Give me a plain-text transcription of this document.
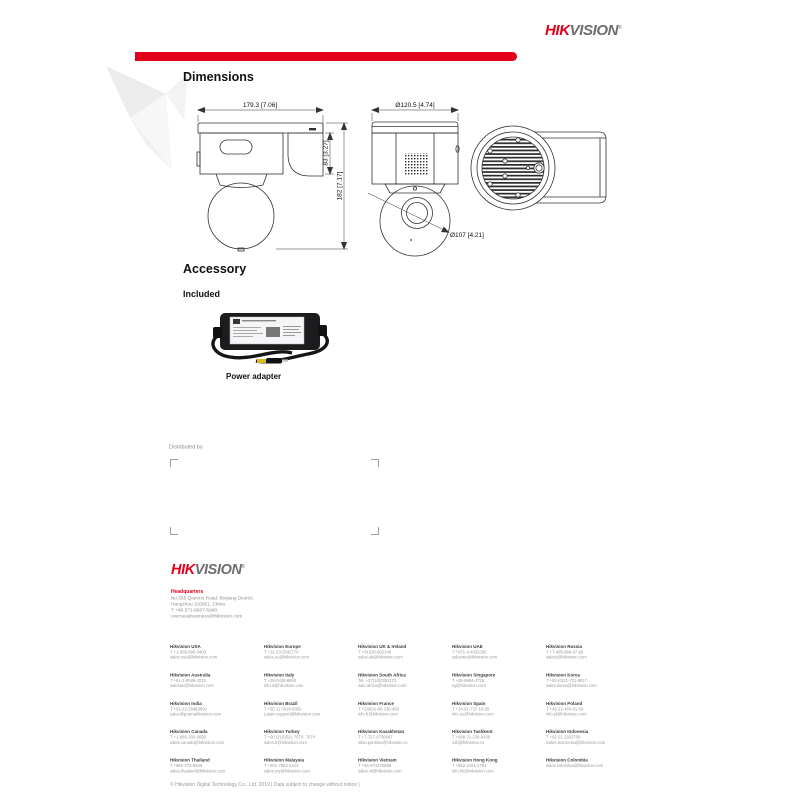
HIKVISION®
Dimensions
179.3 [7.06]
83 [3.27]
182 [7.17]
Ø120.5 [4.74]
Ø107 [4.21]
Accessory
Included
Power adapter
Distributed by
HIKVISION®
Headquarters
No.555 Qianmo Road, Binjiang District,
Hangzhou 310051, China
T +86-571-8807-5998
overseasbusiness@hikvision.com
Hikvision USA
T +1-909-895-0400
sales.usa@hikvision.com
Hikvision Australia
T +61-2-8599-4233
salesau@hikvision.com
Hikvision India
T +91-22-28469900
sales@pramahikvision.com
Hikvision Canada
T +1-866-200-6690
sales.canada@hikvision.com
Hikvision Thailand
T +662-275-9949
sales.thailand@hikvision.com
Hikvision Europe
T +31-23-5542770
sales.eu@hikvision.com
Hikvision Italy
T +39-0438-6902
info.it@hikvision.com
Hikvision Brazil
T +55 11 3318-0050
Latam.support@hikvision.com
Hikvision Turkey
T +90 (216)521 7070- 7074
sales.tr@hikvision.com
Hikvision Malaysia
T +601-7652-2413
sales.my@hikvision.com
Hikvision UK & Ireland
T +01628-902140
sales.uk@hikvision.com
Hikvision South Africa
Tel: +27(10)0351172
sale.africa@hikvision.com
Hikvision France
T +33(0)1-85-330-450
info.fr@hikvision.com
Hikvision Kazakhstan
T +7-727-9730667
nikia.pantilov@hikvision.ru
Hikvision Vietnam
T +84-974270888
sales.vt@hikvision.com
Hikvision UAE
T +971-4-4432090
salesme@hikvision.com
Hikvision Singapore
T +65-6684-4718
sg@hikvision.com
Hikvision Spain
T +34-91-737-16-55
info.es@hikvision.com
Hikvision Tashkent
T +998-71-238-9438
uzb@hikvision.ru
Hikvision Hong Kong
T +852-2151-1761
info.hk@hikvision.com
Hikvision Russia
T +7-495-669-67-99
saleru@hikvision.com
Hikvision Korea
T +82-(0)31-731-8817
sales.korea@hikvision.com
Hikvision Poland
T +48-22-460-01-50
info.pl@hikvision.com
Hikvision Indonesia
T +62-21-2933759
Sales.Indonesia@hikvision.com
Hikvision Colombia
sales.colombia@hikvision.com
© Hikvision Digital Technology Co., Ltd. 2019 | Data subject to change without notice |
